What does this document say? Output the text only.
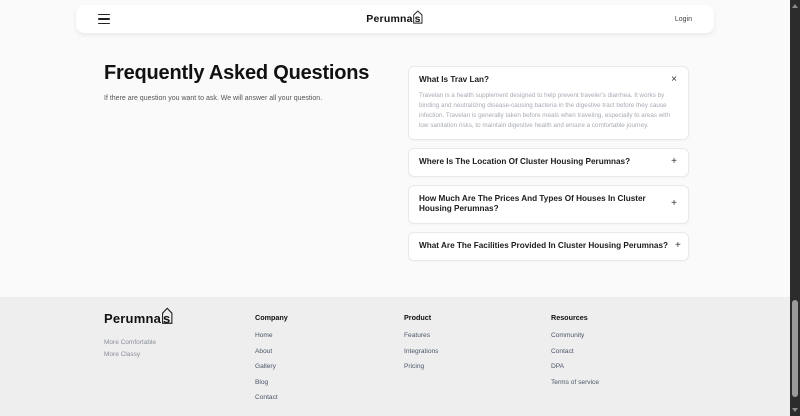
Perumna s	Login
Frequently Asked Questions

If there are question you want to ask. We will answer all your question.

What Is Trav Lan?	×

Travelan is a health supplement designed to help prevent traveler's diarrhea. It works by binding and neutralizing disease-causing bacteria in the digestive tract before they cause infection. Travelan is generally taken before meals when traveling, especially to areas with low sanitation risks, to maintain digestive health and ensure a comfortable journey.

Where Is The Location Of Cluster Housing Perumnas?	+
How Much Are The Prices And Types Of Houses In Cluster Housing Perumnas?	+
What Are The Facilities Provided In Cluster Housing Perumnas? +
Perumna s
More Comfortable
More Classy
Company
Home
About
Gallery
Blog
Contact
Product
Features
Integrations
Pricing
Resources
Community
Contact
DPA
Terms of service
